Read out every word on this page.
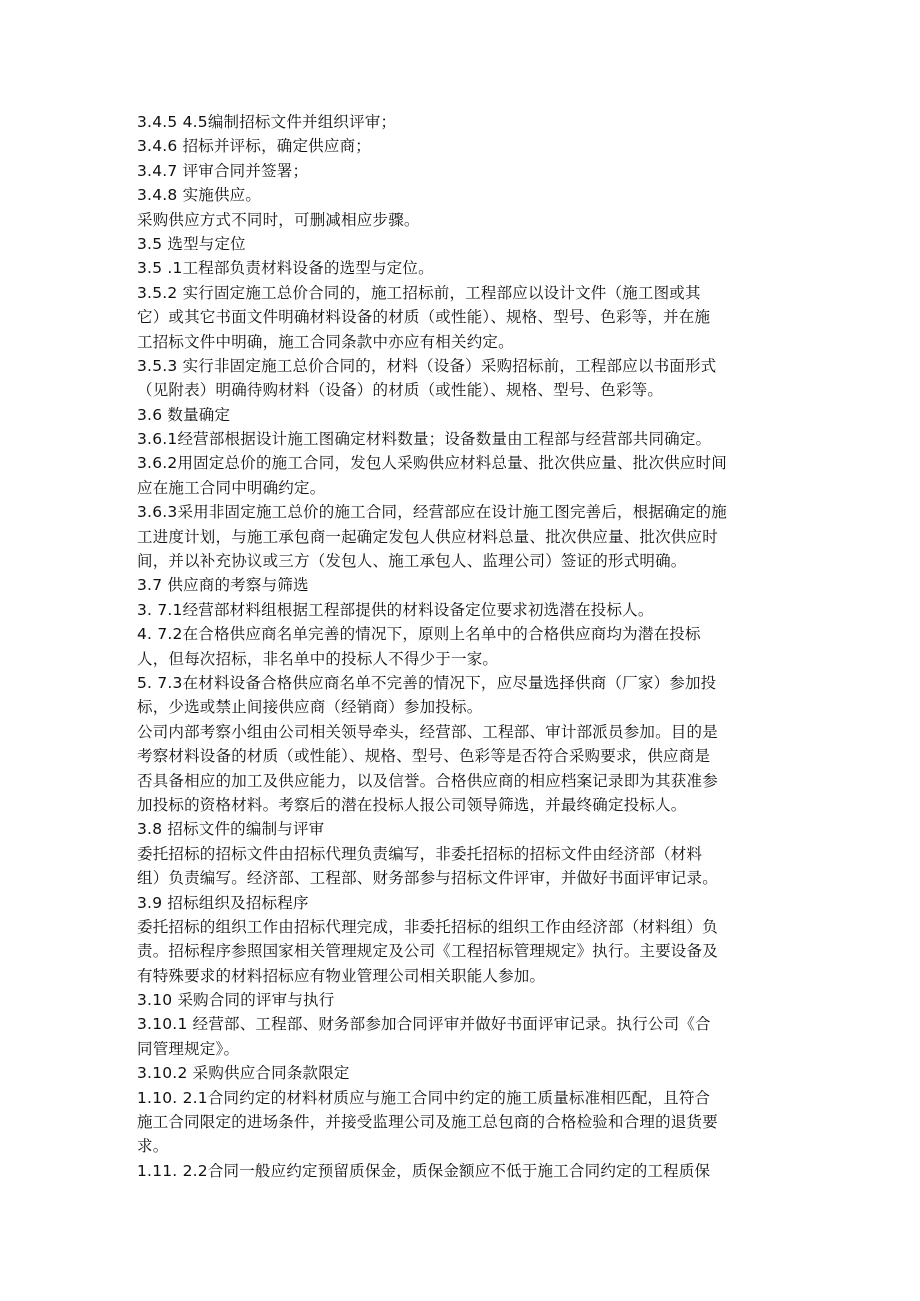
3.4.5 4.5编制招标文件并组织评审；
3.4.6 招标并评标，确定供应商；
3.4.7 评审合同并签署；
3.4.8 实施供应。
采购供应方式不同时，可删减相应步骤。
3.5 选型与定位
3.5 .1工程部负责材料设备的选型与定位。
3.5.2 实行固定施工总价合同的，施工招标前，工程部应以设计文件（施工图或其
它）或其它书面文件明确材料设备的材质（或性能）、规格、型号、色彩等，并在施
工招标文件中明确，施工合同条款中亦应有相关约定。
3.5.3 实行非固定施工总价合同的，材料（设备）采购招标前，工程部应以书面形式
（见附表）明确待购材料（设备）的材质（或性能）、规格、型号、色彩等。
3.6 数量确定
3.6.1经营部根据设计施工图确定材料数量；设备数量由工程部与经营部共同确定。
3.6.2用固定总价的施工合同，发包人采购供应材料总量、批次供应量、批次供应时间
应在施工合同中明确约定。
3.6.3采用非固定施工总价的施工合同，经营部应在设计施工图完善后，根据确定的施
工进度计划，与施工承包商一起确定发包人供应材料总量、批次供应量、批次供应时
间，并以补充协议或三方（发包人、施工承包人、监理公司）签证的形式明确。
3.7 供应商的考察与筛选
3. 7.1经营部材料组根据工程部提供的材料设备定位要求初选潜在投标人。
4. 7.2在合格供应商名单完善的情况下，原则上名单中的合格供应商均为潜在投标
人，但每次招标，非名单中的投标人不得少于一家。
5. 7.3在材料设备合格供应商名单不完善的情况下，应尽量选择供商（厂家）参加投
标，少选或禁止间接供应商（经销商）参加投标。
公司内部考察小组由公司相关领导牵头，经营部、工程部、审计部派员参加。目的是
考察材料设备的材质（或性能）、规格、型号、色彩等是否符合采购要求，供应商是
否具备相应的加工及供应能力，以及信誉。合格供应商的相应档案记录即为其获准参
加投标的资格材料。考察后的潜在投标人报公司领导筛选，并最终确定投标人。
3.8 招标文件的编制与评审
委托招标的招标文件由招标代理负责编写，非委托招标的招标文件由经济部（材料
组）负责编写。经济部、工程部、财务部参与招标文件评审，并做好书面评审记录。
3.9 招标组织及招标程序
委托招标的组织工作由招标代理完成，非委托招标的组织工作由经济部（材料组）负
责。招标程序参照国家相关管理规定及公司《工程招标管理规定》执行。主要设备及
有特殊要求的材料招标应有物业管理公司相关职能人参加。
3.10 采购合同的评审与执行
3.10.1 经营部、工程部、财务部参加合同评审并做好书面评审记录。执行公司《合
同管理规定》。
3.10.2 采购供应合同条款限定
1.10. 2.1合同约定的材料材质应与施工合同中约定的施工质量标准相匹配，且符合
施工合同限定的进场条件，并接受监理公司及施工总包商的合格检验和合理的退货要
求。
1.11. 2.2合同一般应约定预留质保金，质保金额应不低于施工合同约定的工程质保
